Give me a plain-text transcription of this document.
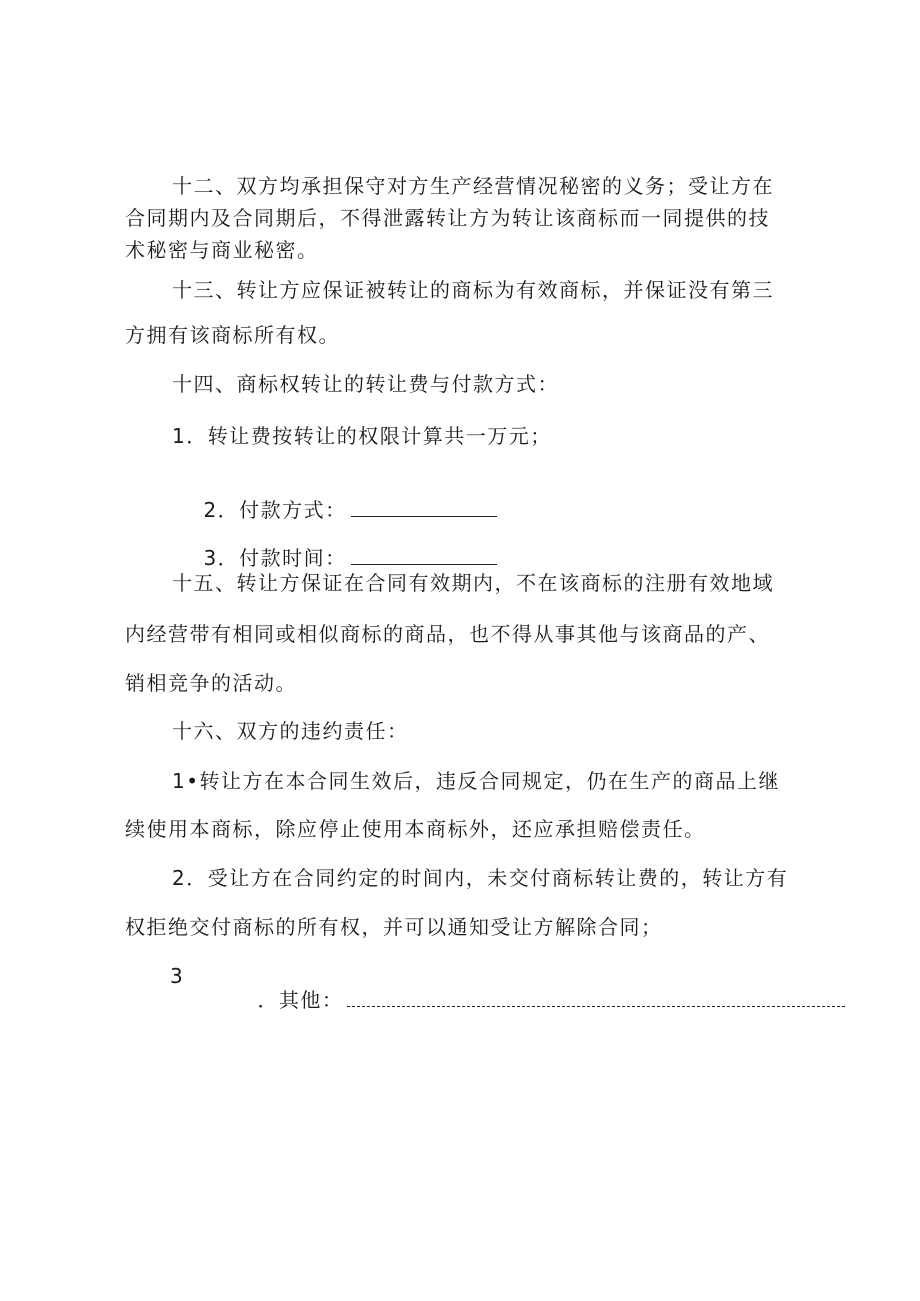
十二、双方均承担保守对方生产经营情况秘密的义务；受让方在
合同期内及合同期后，不得泄露转让方为转让该商标而一同提供的技
术秘密与商业秘密。
十三、转让方应保证被转让的商标为有效商标，并保证没有第三
方拥有该商标所有权。
十四、商标权转让的转让费与付款方式：
1．转让费按转让的权限计算共一万元；

2．付款方式：

3．付款时间：

十五、转让方保证在合同有效期内，不在该商标的注册有效地域
内经营带有相同或相似商标的商品，也不得从事其他与该商品的产、
销相竞争的活动。
十六、双方的违约责任：
1•转让方在本合同生效后，违反合同规定，仍在生产的商品上继
续使用本商标，除应停止使用本商标外，还应承担赔偿责任。
2．受让方在合同约定的时间内，未交付商标转让费的，转让方有
权拒绝交付商标的所有权，并可以通知受让方解除合同；
3

．其他：
